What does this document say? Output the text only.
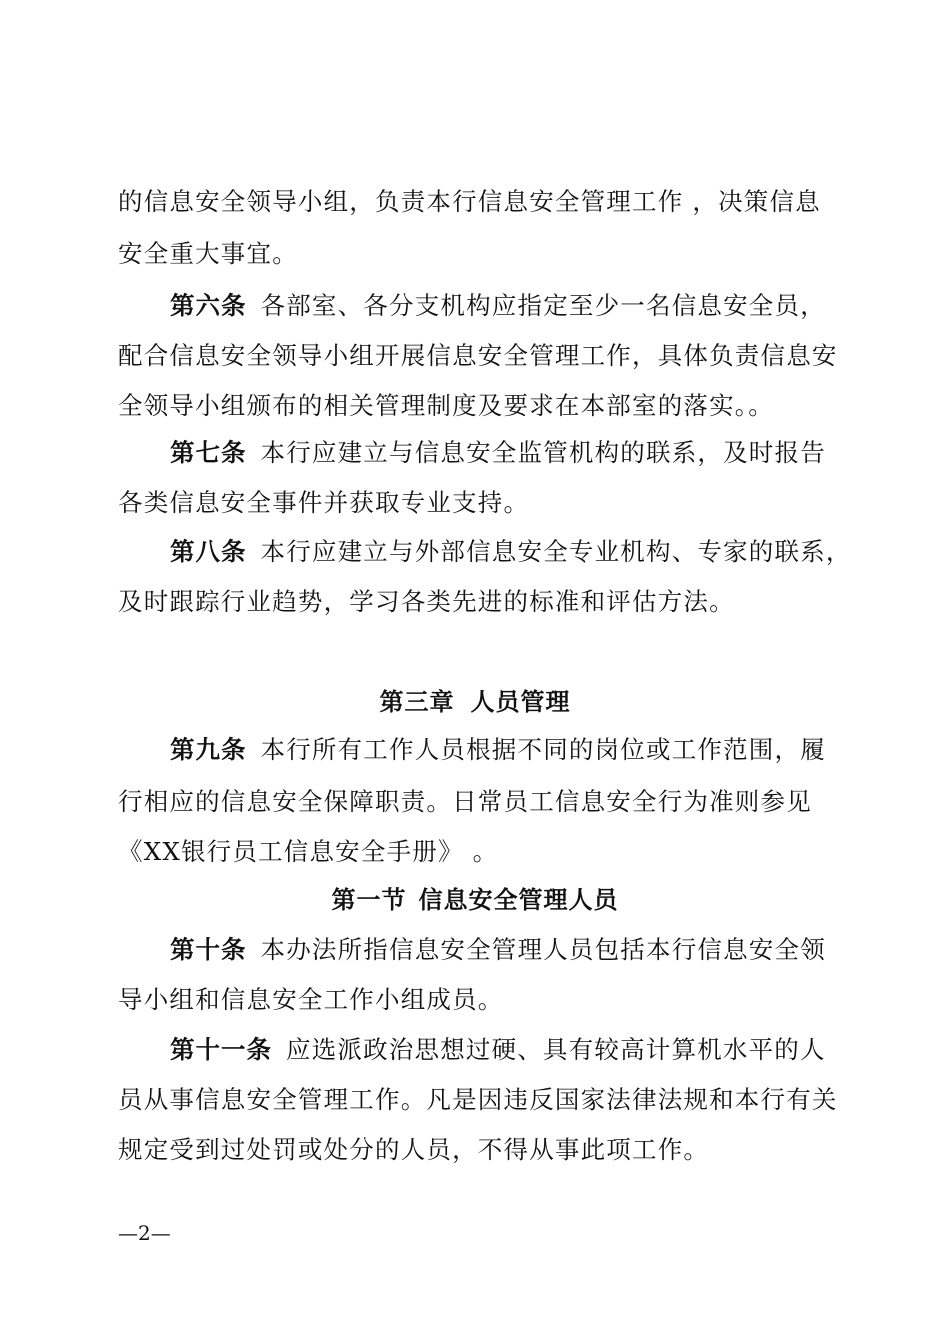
的信息安全领导小组，负责本行信息安全管理工作 ，决策信息
安全重大事宜。
第六条 各部室、各分支机构应指定至少一名信息安全员，
配合信息安全领导小组开展信息安全管理工作，具体负责信息安
全领导小组颁布的相关管理制度及要求在本部室的落实。。
第七条 本行应建立与信息安全监管机构的联系，及时报告
各类信息安全事件并获取专业支持。
第八条 本行应建立与外部信息安全专业机构、专家的联系，
及时跟踪行业趋势，学习各类先进的标准和评估方法。
第三章 人员管理
第九条 本行所有工作人员根据不同的岗位或工作范围，履
行相应的信息安全保障职责。日常员工信息安全行为准则参见
《XX银行员工信息安全手册》 。
第一节 信息安全管理人员
第十条 本办法所指信息安全管理人员包括本行信息安全领
导小组和信息安全工作小组成员。
第十一条 应选派政治思想过硬、具有较高计算机水平的人
员从事信息安全管理工作。凡是因违反国家法律法规和本行有关
规定受到过处罚或处分的人员，不得从事此项工作。
—2—
